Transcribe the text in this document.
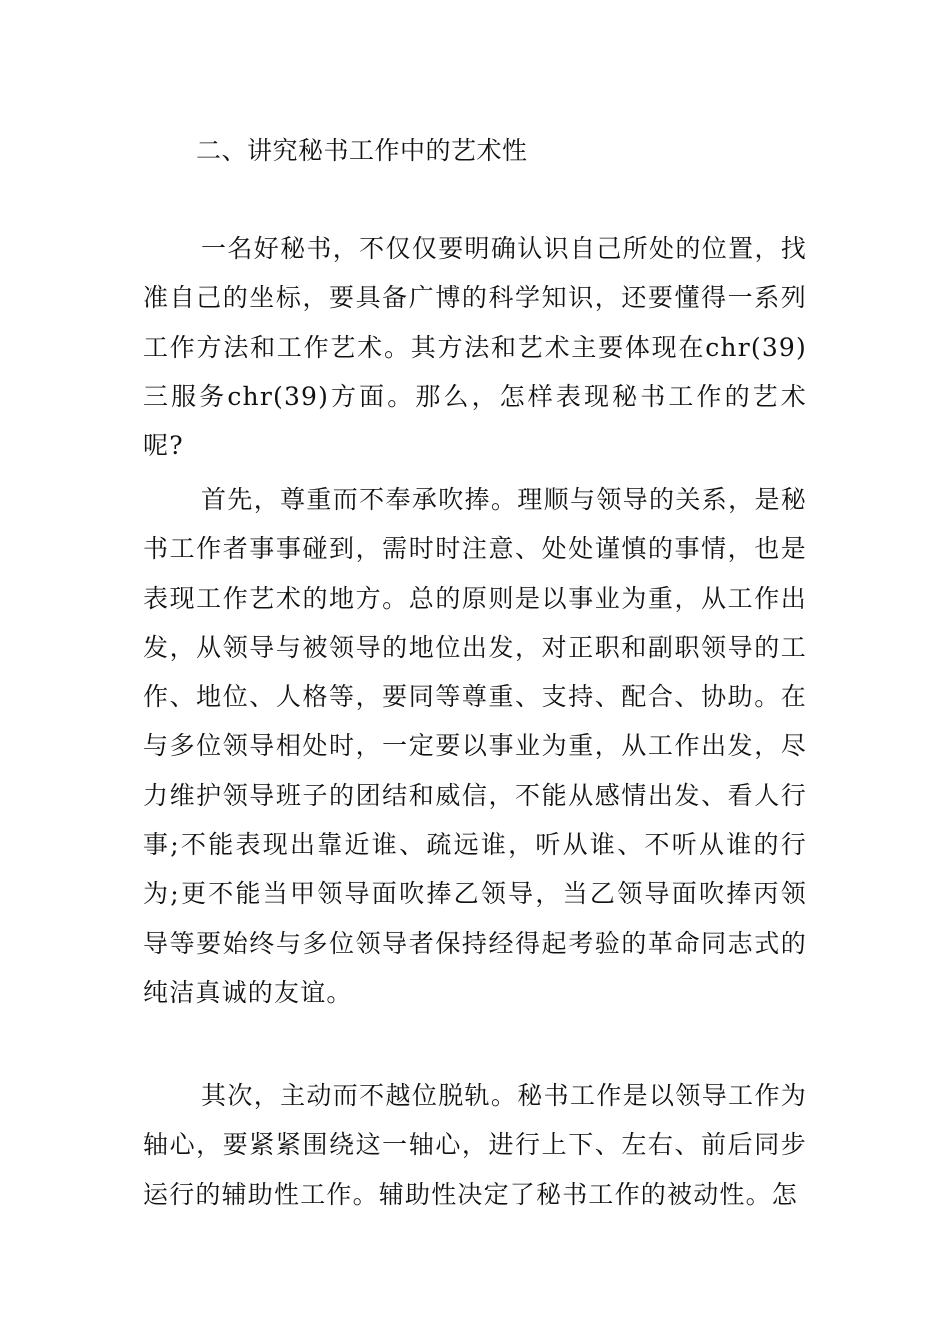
二、讲究秘书工作中的艺术性
一名好秘书，不仅仅要明确认识自己所处的位置，找准自己的坐标，要具备广博的科学知识，还要懂得一系列工作方法和工作艺术。其方法和艺术主要体现在chr(39)三服务chr(39)方面。那么，怎样表现秘书工作的艺术呢?
首先，尊重而不奉承吹捧。理顺与领导的关系，是秘书工作者事事碰到，需时时注意、处处谨慎的事情，也是表现工作艺术的地方。总的原则是以事业为重，从工作出发，从领导与被领导的地位出发，对正职和副职领导的工作、地位、人格等，要同等尊重、支持、配合、协助。在与多位领导相处时，一定要以事业为重，从工作出发，尽力维护领导班子的团结和威信，不能从感情出发、看人行事;不能表现出靠近谁、疏远谁，听从谁、不听从谁的行为;更不能当甲领导面吹捧乙领导，当乙领导面吹捧丙领导等要始终与多位领导者保持经得起考验的革命同志式的纯洁真诚的友谊。
其次，主动而不越位脱轨。秘书工作是以领导工作为轴心，要紧紧围绕这一轴心，进行上下、左右、前后同步运行的辅助性工作。辅助性决定了秘书工作的被动性。怎
